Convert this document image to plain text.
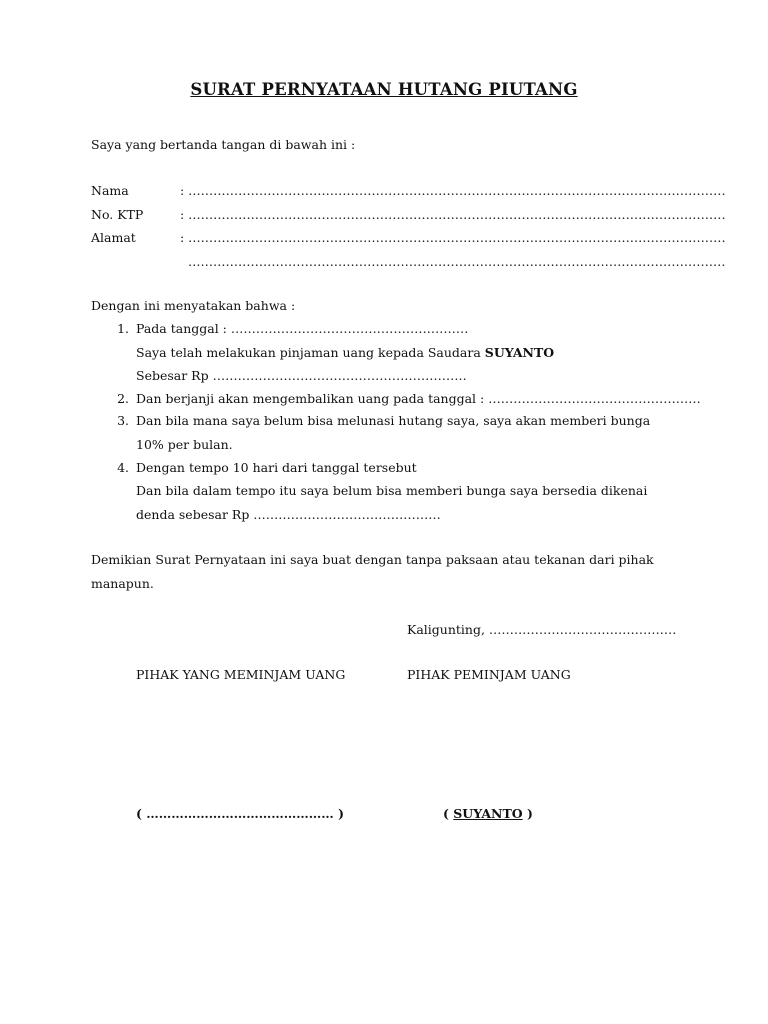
SURAT PERNYATAAN HUTANG PIUTANG
Saya yang bertanda tangan di bawah ini :
Nama	: …………………………………………………………………………………………………………………
No. KTP	: …………………………………………………………………………………………………………………
Alamat	: …………………………………………………………………………………………………………………
…………………………………………………………………………………………………………………
Dengan ini menyatakan bahwa :
1. Pada tanggal : …………………………………………………
Saya telah melakukan pinjaman uang kepada Saudara SUYANTO
Sebesar Rp …………………………………………………….
2. Dan berjanji akan mengembalikan uang pada tanggal : ……………………………………………
3. Dan bila mana saya belum bisa melunasi hutang saya, saya akan memberi bunga
10% per bulan.
4. Dengan tempo 10 hari dari tanggal tersebut
Dan bila dalam tempo itu saya belum bisa memberi bunga saya bersedia dikenai
denda sebesar Rp ………………………………………
Demikian Surat Pernyataan ini saya buat dengan tanpa paksaan atau tekanan dari pihak
manapun.
Kaligunting, ………………………………………
PIHAK YANG MEMINJAM UANG	PIHAK PEMINJAM UANG
( ……………………………………… )	( SUYANTO )
